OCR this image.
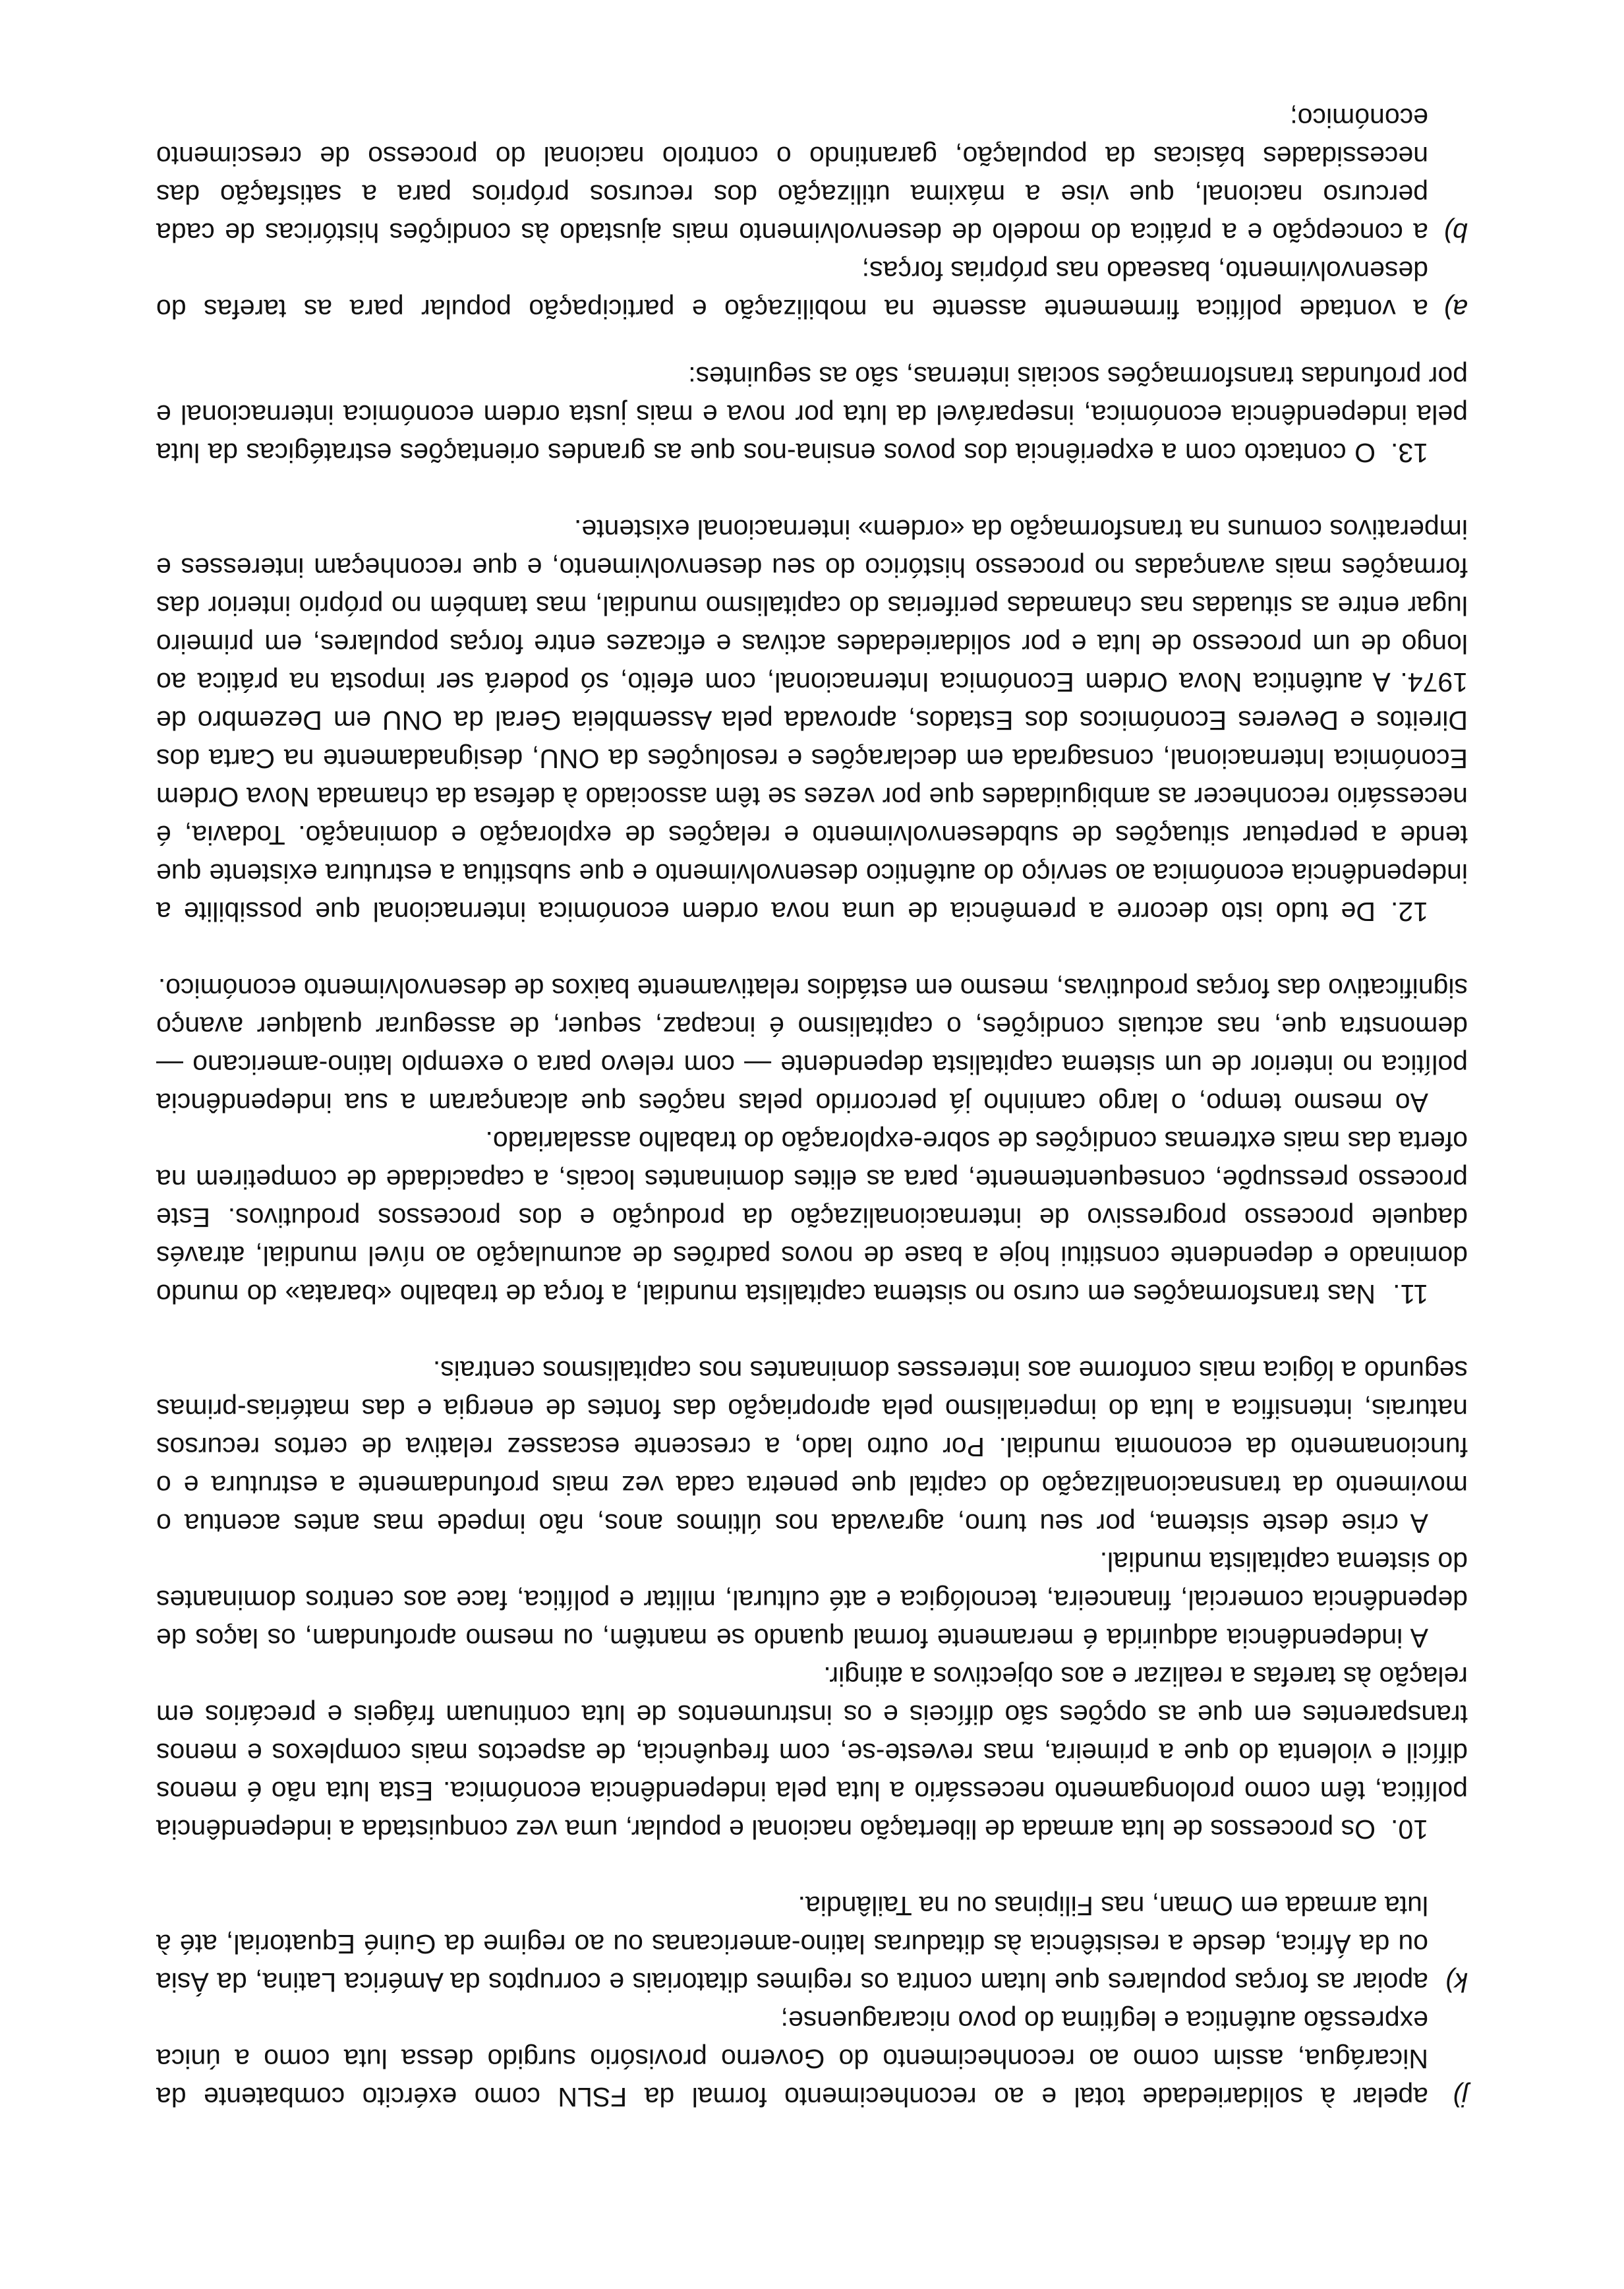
j)
apelar à solidariedade total e ao reconhecimento formal da FSLN como exército combatente da Nicarágua, assim como ao reconhecimento do Governo provisório surgido dessa luta como a única expressão autêntica e legítima do povo nicaraguense;
k)
apoiar as forças populares que lutam contra os regimes ditatoriais e corruptos da América Latina, da Ásia ou da África, desde a resistência às ditaduras latino-americanas ou ao regime da Guiné Equatorial, até à luta armada em Oman, nas Filipinas ou na Tailândia.

10.Os processos de luta armada de libertação nacional e popular, uma vez conquistada a independência política, têm como prolongamento necessário a luta pela independência económica. Esta luta não é menos difícil e violenta do que a primeira, mas reveste-se, com frequência, de aspectos mais complexos e menos transparentes em que as opções são difíceis e os instrumentos de luta continuam frágeis e precários em relação às tarefas a realizar e aos objectivos a atingir.

A independência adquirida é meramente formal quando se mantêm, ou mesmo aprofundam, os laços de dependência comercial, financeira, tecnológica e até cultural, militar e política, face aos centros dominantes do sistema capitalista mundial.

A crise deste sistema, por seu turno, agravada nos últimos anos, não impede mas antes acentua o movimento da transnacionalização do capital que penetra cada vez mais profundamente a estrutura e o funcionamento da economia mundial. Por outro lado, a crescente escassez relativa de certos recursos naturais, intensifica a luta do imperialismo pela apropriação das fontes de energia e das matérias-primas segundo a lógica mais conforme aos interesses dominantes nos capitalismos centrais.

11.Nas transformações em curso no sistema capitalista mundial, a força de trabalho «barata» do mundo dominado e dependente constitui hoje a base de novos padrões de acumulação ao nível mundial, através daquele processo progressivo de internacionalização da produção e dos processos produtivos. Este processo pressupõe, consequentemente, para as elites dominantes locais, a capacidade de competirem na oferta das mais extremas condições de sobre-exploração do trabalho assalariado.

Ao mesmo tempo, o largo caminho já percorrido pelas nações que alcançaram a sua independência política no interior de um sistema capitalista dependente — com relevo para o exemplo latino-americano — demonstra que, nas actuais condições, o capitalismo é incapaz, sequer, de assegurar qualquer avanço significativo das forças produtivas, mesmo em estádios relativamente baixos de desenvolvimento económico.

12.De tudo isto decorre a premência de uma nova ordem económica internacional que possibilite a independência económica ao serviço do autêntico desenvolvimento e que substitua a estrutura existente que tende a perpetuar situações de subdesenvolvimento e relações de exploração e dominação. Todavia, é necessário reconhecer as ambiguidades que por vezes se têm associado à defesa da chamada Nova Ordem Económica Internacional, consagrada em declarações e resoluções da ONU, designadamente na Carta dos Direitos e Deveres Económicos dos Estados, aprovada pela Assembleia Geral da ONU em Dezembro de 1974. A autêntica Nova Ordem Económica Internacional, com efeito, só poderá ser imposta na prática ao longo de um processo de luta e por solidariedades activas e eficazes entre forças populares, em primeiro lugar entre as situadas nas chamadas periferias do capitalismo mundial, mas também no próprio interior das formações mais avançadas no processo histórico do seu desenvolvimento, e que reconheçam interesses e imperativos comuns na transformação da «ordem» internacional existente.

13.O contacto com a experiência dos povos ensina-nos que as grandes orientações estratégicas da luta pela independência económica, inseparável da luta por nova e mais justa ordem económica internacional e por profundas transformações sociais internas, são as seguintes:

a)
a vontade política firmemente assente na mobilização e participação popular para as tarefas do desenvolvimento, baseado nas próprias forças;
b)
a concepção e a prática do modelo de desenvolvimento mais ajustado às condições históricas de cada percurso nacional, que vise a máxima utilização dos recursos próprios para a satisfação das necessidades básicas da população, garantindo o controlo nacional do processo de crescimento económico;
